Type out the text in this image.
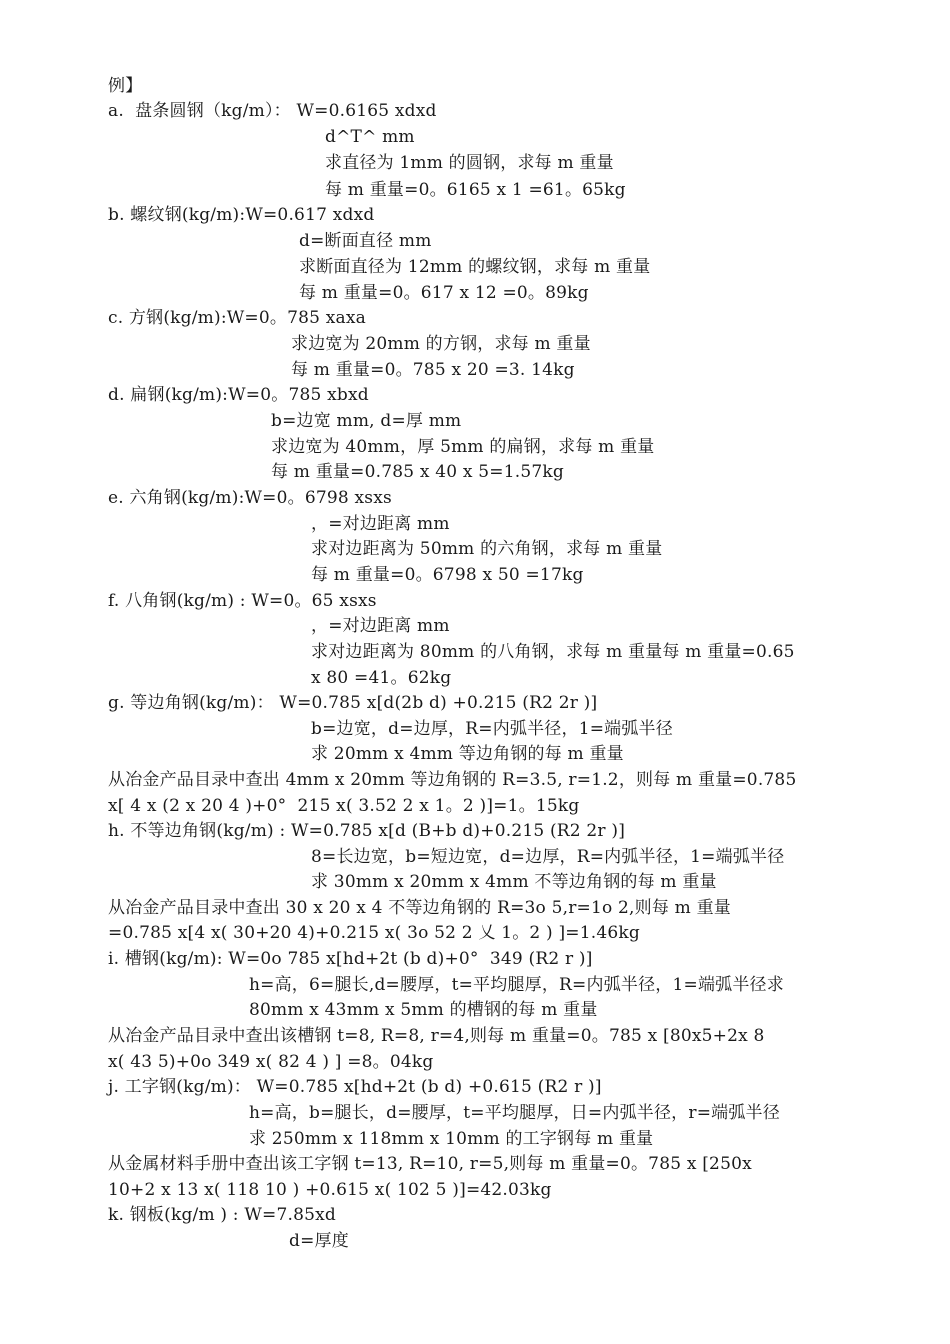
例】
a.  盘条圆钢（kg/m）： W=0.6165 xdxd
d^T^ mm
求直径为 1mm 的圆钢，求每 m 重量
每 m 重量=0。6165 x 1 =61。65kg
b. 螺纹钢(kg/m):W=0.617 xdxd
d=断面直径 mm
求断面直径为 12mm 的螺纹钢，求每 m 重量
每 m 重量=0。617 x 12 =0。89kg
c. 方钢(kg/m):W=0。785 xaxa
求边宽为 20mm 的方钢，求每 m 重量
每 m 重量=0。785 x 20 =3. 14kg
d. 扁钢(kg/m):W=0。785 xbxd
b=边宽 mm, d=厚 mm
求边宽为 40mm，厚 5mm 的扁钢，求每 m 重量
每 m 重量=0.785 x 40 x 5=1.57kg
e. 六角钢(kg/m):W=0。6798 xsxs
，=对边距离 mm
求对边距离为 50mm 的六角钢，求每 m 重量
每 m 重量=0。6798 x 50 =17kg
f. 八角钢(kg/m) : W=0。65 xsxs
，=对边距离 mm
求对边距离为 80mm 的八角钢，求每 m 重量每 m 重量=0.65
x 80 =41。62kg
g. 等边角钢(kg/m)： W=0.785 x[d(2b d) +0.215 (R2 2r )]
b=边宽，d=边厚，R=内弧半径，1=端弧半径
求 20mm x 4mm 等边角钢的每 m 重量
从冶金产品目录中查出 4mm x 20mm 等边角钢的 R=3.5, r=1.2，则每 m 重量=0.785
x[ 4 x (2 x 20 4 )+0°  215 x( 3.52 2 x 1。2 )]=1。15kg
h. 不等边角钢(kg/m) : W=0.785 x[d (B+b d)+0.215 (R2 2r )]
8=长边宽，b=短边宽，d=边厚，R=内弧半径，1=端弧半径
求 30mm x 20mm x 4mm 不等边角钢的每 m 重量
从冶金产品目录中查出 30 x 20 x 4 不等边角钢的 R=3o 5,r=1o 2,则每 m 重量
=0.785 x[4 x( 30+20 4)+0.215 x( 3o 52 2 乂 1。2 ) ]=1.46kg
i. 槽钢(kg/m): W=0o 785 x[hd+2t (b d)+0°  349 (R2 r )]
h=高，6=腿长,d=腰厚，t=平均腿厚，R=内弧半径，1=端弧半径求
80mm x 43mm x 5mm 的槽钢的每 m 重量
从冶金产品目录中查出该槽钢 t=8, R=8, r=4,则每 m 重量=0。785 x [80x5+2x 8
x( 43 5)+0o 349 x( 82 4 ) ] =8。04kg
j. 工字钢(kg/m)： W=0.785 x[hd+2t (b d) +0.615 (R2 r )]
h=高，b=腿长，d=腰厚，t=平均腿厚，日=内弧半径，r=端弧半径
求 250mm x 118mm x 10mm 的工字钢每 m 重量
从金属材料手册中查出该工字钢 t=13, R=10, r=5,则每 m 重量=0。785 x [250x
10+2 x 13 x( 118 10 ) +0.615 x( 102 5 )]=42.03kg
k. 钢板(kg/m ) : W=7.85xd
d=厚度
